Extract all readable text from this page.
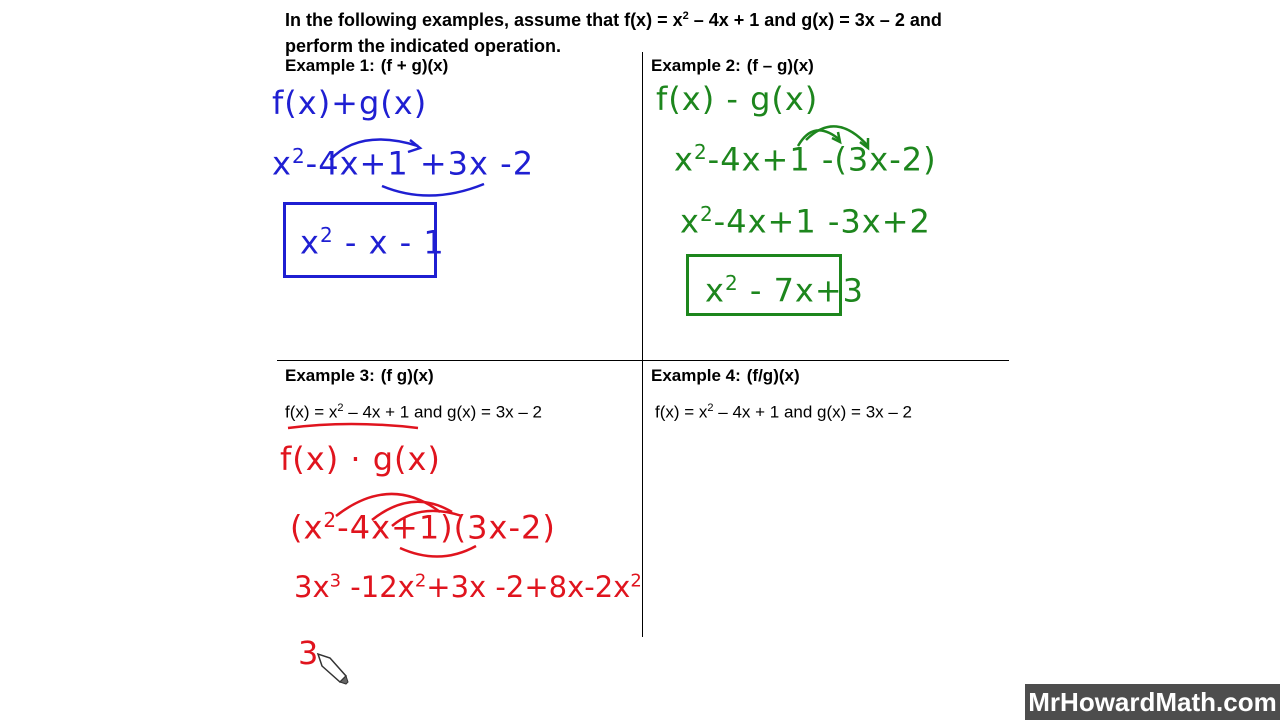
In the following examples, assume that $f(x) = x^2 - 4x + 1$ and g(x) = 3x – 2 and
perform the indicated operation.
Example 1: (f + g)(x)	Example 2: (f – g)(x)
Example 3: (f g)(x)	Example 4: (f/g)(x)
$f(x) = x^2 - 4x + 1$ and g(x) = 3x – 2	$f(x) = x^2 - 4x + 1$ and g(x) = 3x – 2
f(x)+g(x)
$x^2-4x+1 +3x$ -2
$x^2$ - x - 1
f(x) - g(x)
$x^2-4x+1$ -(3x-2)
$x^2-4x+1$ -3x+2
$x^2 - 7x+3$
f(x) · g(x)
$(x^2-4x+1)(3x-2)$
$3x^3$ $-12x^2+3x$ $-2+8x-2x^2$
3
MrHowardMath.com
